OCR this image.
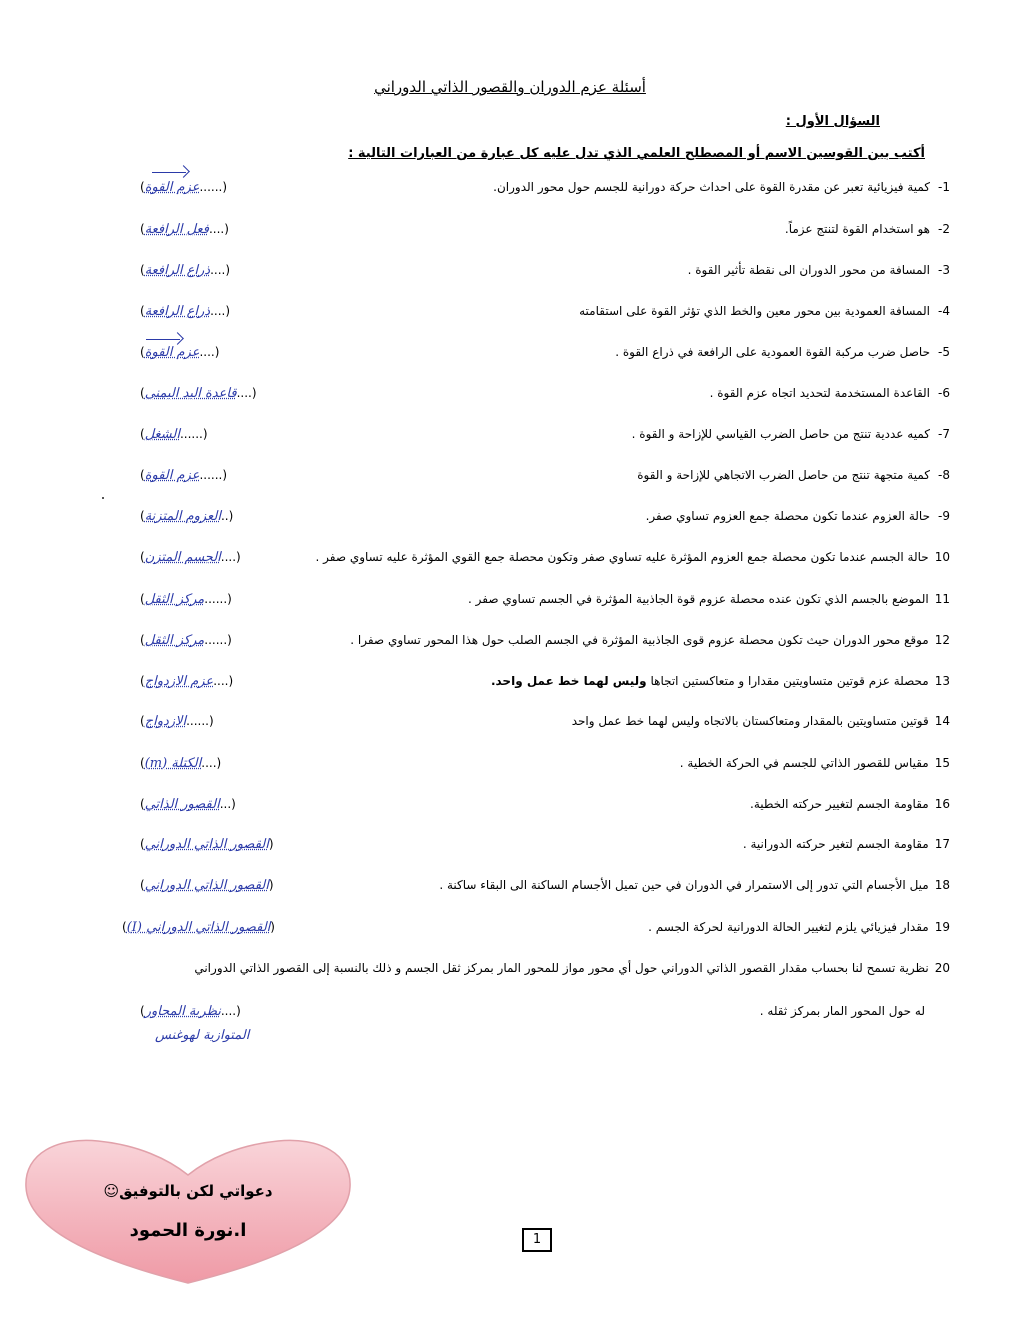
أسئلة عزم الدوران والقصور الذاتي الدوراني
السؤال الأول :
أكتب بين القوسين الاسم أو المصطلح العلمي الذي تدل عليه كل عبارة من العبارات التالية :
1-كمية فيزيائية تعبر عن مقدرة القوة على احداث حركة دورانية للجسم حول محور الدوران.
2-هو استخدام القوة لتنتج عزماً.
3-المسافة من محور الدوران الى نقطة تأثير القوة .
4-المسافة العمودية بين محور معين والخط الذي تؤثر القوة على استقامته
5-حاصل ضرب مركبة القوة العمودية على الرافعة في ذراع القوة .
6-القاعدة المستخدمة لتحديد اتجاه عزم القوة .
7-كميه عددية تنتج من حاصل الضرب القياسي للإزاحة و القوة .
8-كمية متجهة تنتج من حاصل الضرب الاتجاهي للإزاحة و القوة
9-حالة العزوم عندما تكون محصلة جمع العزوم تساوي صفر.
10حالة الجسم عندما تكون محصلة جمع العزوم المؤثرة عليه تساوي صفر وتكون محصلة جمع القوي المؤثرة عليه تساوي صفر .
11الموضع بالجسم الذي تكون عنده محصلة عزوم قوة الجاذبية المؤثرة في الجسم تساوي صفر .
12موقع محور الدوران حيث تكون محصلة عزوم قوى الجاذبية المؤثرة في الجسم الصلب حول هذا المحور تساوي صفرا .
13محصلة عزم قوتين متساويتين مقدارا و متعاكستين اتجاها وليس لهما خط عمل واحد.
14قوتين متساويتين بالمقدار ومتعاكستان بالاتجاه وليس لهما خط عمل واحد
15مقياس للقصور الذاتي للجسم في الحركة الخطية .
16مقاومة الجسم لتغيير حركته الخطية.
17مقاومة الجسم لتغير حركته الدورانية .
18ميل الأجسام التي تدور إلى الاستمرار في الدوران في حين تميل الأجسام الساكنة الى البقاء ساكنة .
19مقدار فيزيائي يلزم لتغيير الحالة الدورانية لحركة الجسم .
20نظرية تسمح لنا بحساب مقدار القصور الذاتي الدوراني حول أي محور مواز للمحور المار بمركز ثقل الجسم و ذلك بالنسبة إلى القصور الذاتي الدوراني
له حول المحور المار بمركز ثقله .
(عزم القوة......)
(فعل الرافعة....)
(ذراع الرافعة....)
(ذراع الرافعة....)
(عزم القوة....)
(قاعدة اليد اليمنى....)
(الشغل......)
(عزم القوة......)
(العزوم المتزنة..)
(الجسم المتزن....)
(مركز الثقل......)
(مركز الثقل......)
(عزم الازدواج....)
(الازدواج......)
(الكتلة (m)....)
(القصور الذاتي...)
(القصور الذاتي الدوراني)
(القصور الذاتي الدوراني)
(القصور الذاتي الدوراني (I))
(نظرية المحاور....)
المتوازية لهوغنس
دعواتي لكن بالتوفيق☺
ا.نورة الحمود	1
